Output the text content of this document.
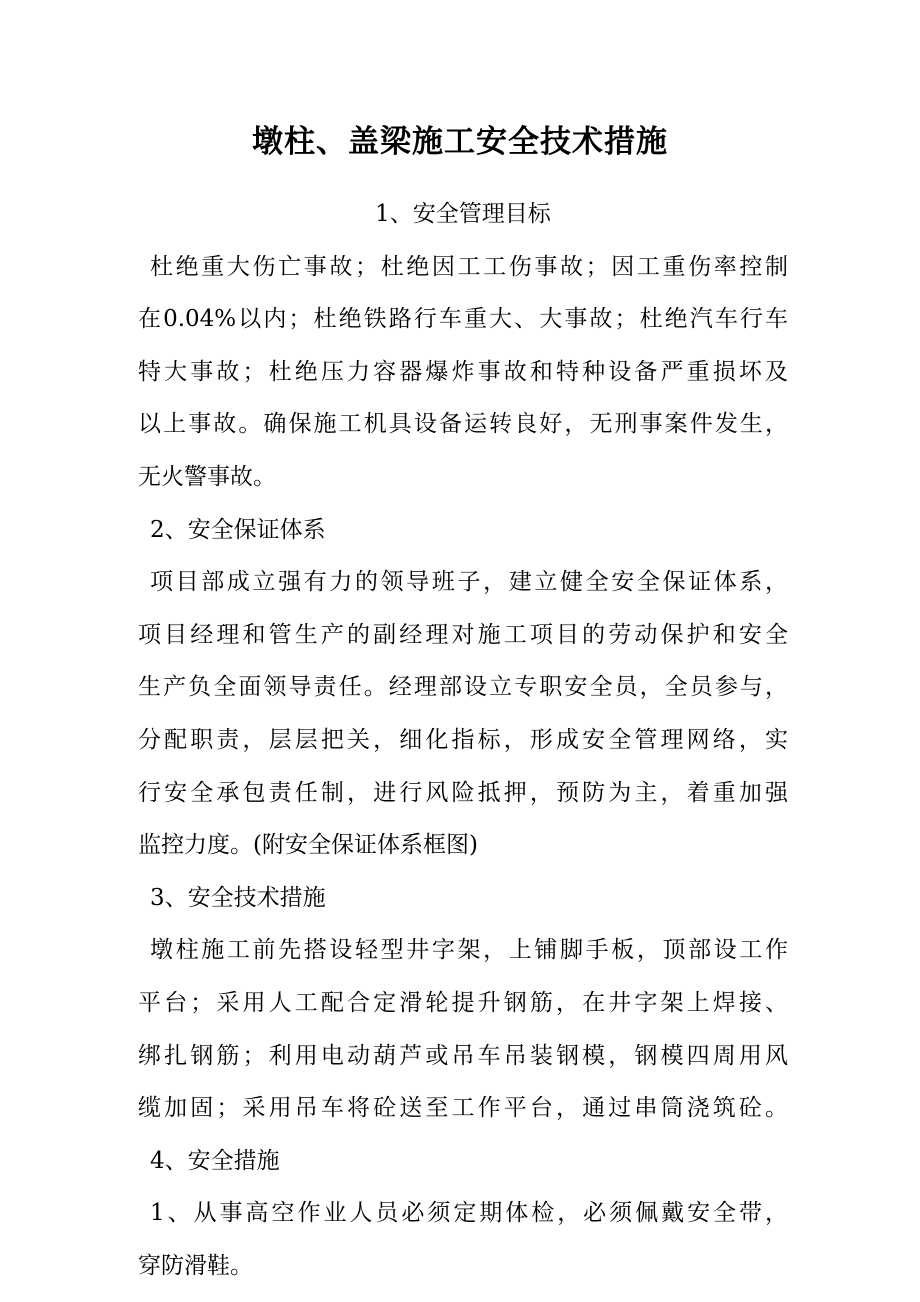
墩柱、盖梁施工安全技术措施

1、安全管理目标

杜绝重大伤亡事故；杜绝因工工伤事故；因工重伤率控制

在0.04%以内；杜绝铁路行车重大、大事故；杜绝汽车行车

特大事故；杜绝压力容器爆炸事故和特种设备严重损坏及

以上事故。确保施工机具设备运转良好，无刑事案件发生，

无火警事故。

2、安全保证体系

项目部成立强有力的领导班子，建立健全安全保证体系，

项目经理和管生产的副经理对施工项目的劳动保护和安全

生产负全面领导责任。经理部设立专职安全员，全员参与，

分配职责，层层把关，细化指标，形成安全管理网络，实

行安全承包责任制，进行风险抵押，预防为主，着重加强

监控力度。(附安全保证体系框图)

3、安全技术措施

墩柱施工前先搭设轻型井字架，上铺脚手板，顶部设工作

平台；采用人工配合定滑轮提升钢筋，在井字架上焊接、

绑扎钢筋；利用电动葫芦或吊车吊装钢模，钢模四周用风

缆加固；采用吊车将砼送至工作平台，通过串筒浇筑砼。

4、安全措施

1、从事高空作业人员必须定期体检，必须佩戴安全带，

穿防滑鞋。
